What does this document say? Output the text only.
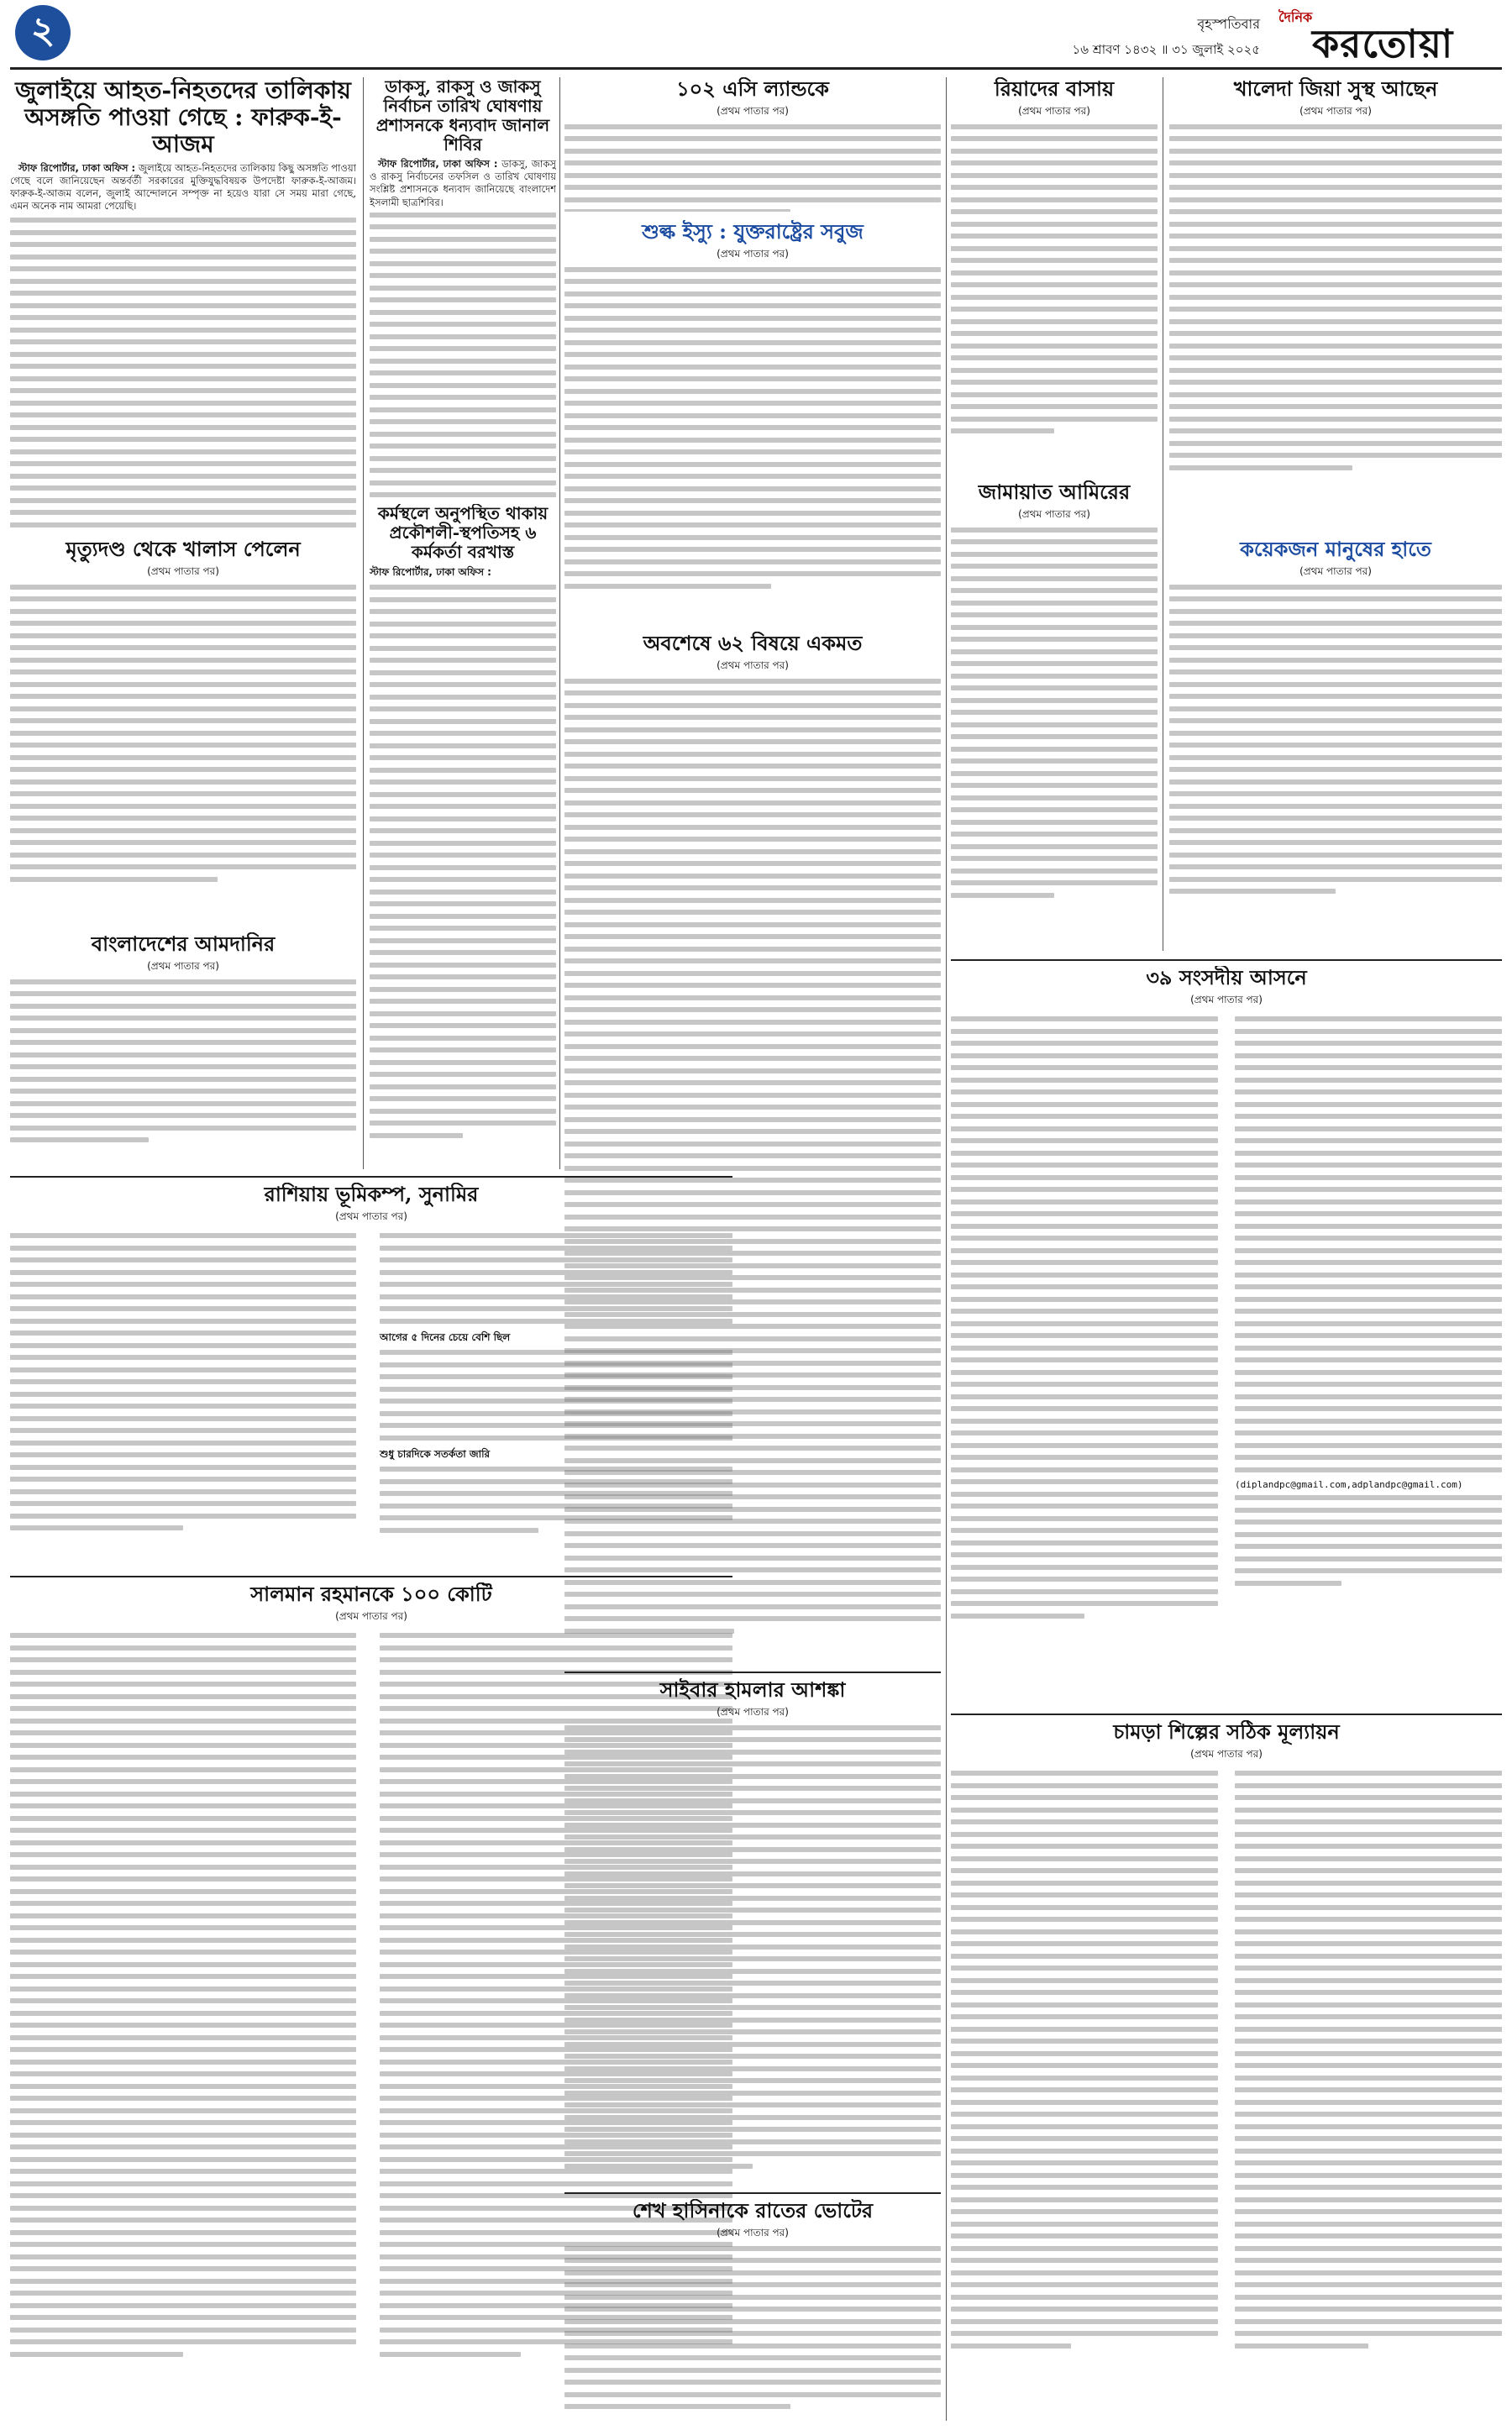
২	বৃহস্পতিবার
১৬ শ্রাবণ ১৪৩২ ॥ ৩১ জুলাই ২০২৫
দৈনিক
করতোয়া
জুলাইয়ে আহত-নিহতদের তালিকায় অসঙ্গতি পাওয়া গেছে : ফারুক-ই-আজম

স্টাফ রিপোর্টার, ঢাকা অফিস : জুলাইয়ে আহত-নিহতদের তালিকায় কিছু অসঙ্গতি পাওয়া গেছে বলে জানিয়েছেন অন্তর্বর্তী সরকারের মুক্তিযুদ্ধবিষয়ক উপদেষ্টা ফারুক-ই-আজম। ফারুক-ই-আজম বলেন, জুলাই আন্দোলনে সম্পৃক্ত না হয়েও যারা সে সময় মারা গেছে, এমন অনেক নাম আমরা পেয়েছি।

মৃত্যুদণ্ড থেকে খালাস পেলেন
(প্রথম পাতার পর)
বাংলাদেশের আমদানির
(প্রথম পাতার পর)
রাশিয়ায় ভূমিকম্প, সুনামির
(প্রথম পাতার পর)
আগের ৫ দিনের চেয়ে বেশি ছিল
শুধু চারদিকে সতর্কতা জারি
সালমান রহমানকে ১০০ কোটি
(প্রথম পাতার পর)
ডাকসু, রাকসু ও জাকসু নির্বাচন তারিখ ঘোষণায় প্রশাসনকে ধন্যবাদ জানাল শিবির

স্টাফ রিপোর্টার, ঢাকা অফিস : ডাকসু, জাকসু ও রাকসু নির্বাচনের তফসিল ও তারিখ ঘোষণায় সংশ্লিষ্ট প্রশাসনকে ধন্যবাদ জানিয়েছে বাংলাদেশ ইসলামী ছাত্রশিবির।

কর্মস্থলে অনুপস্থিত থাকায় প্রকৌশলী-স্থপতিসহ ৬ কর্মকর্তা বরখাস্ত
স্টাফ রিপোর্টার, ঢাকা অফিস :
১০২ এসি ল্যান্ডকে
(প্রথম পাতার পর)
শুল্ক ইস্যু : যুক্তরাষ্ট্রের সবুজ
(প্রথম পাতার পর)
অবশেষে ৬২ বিষয়ে একমত
(প্রথম পাতার পর)
সাইবার হামলার আশঙ্কা
(প্রথম পাতার পর)
শেখ হাসিনাকে রাতের ভোটের
(প্রথম পাতার পর)
রিয়াদের বাসায়
(প্রথম পাতার পর)
জামায়াত আমিরের
(প্রথম পাতার পর)
খালেদা জিয়া সুস্থ আছেন
(প্রথম পাতার পর)
কয়েকজন মানুষের হাতে
(প্রথম পাতার পর)
৩৯ সংসদীয় আসনে
(প্রথম পাতার পর)
(diplandpc@gmail.com,adplandpc@gmail.com)
চামড়া শিল্পের সঠিক মূল্যায়ন
(প্রথম পাতার পর)
